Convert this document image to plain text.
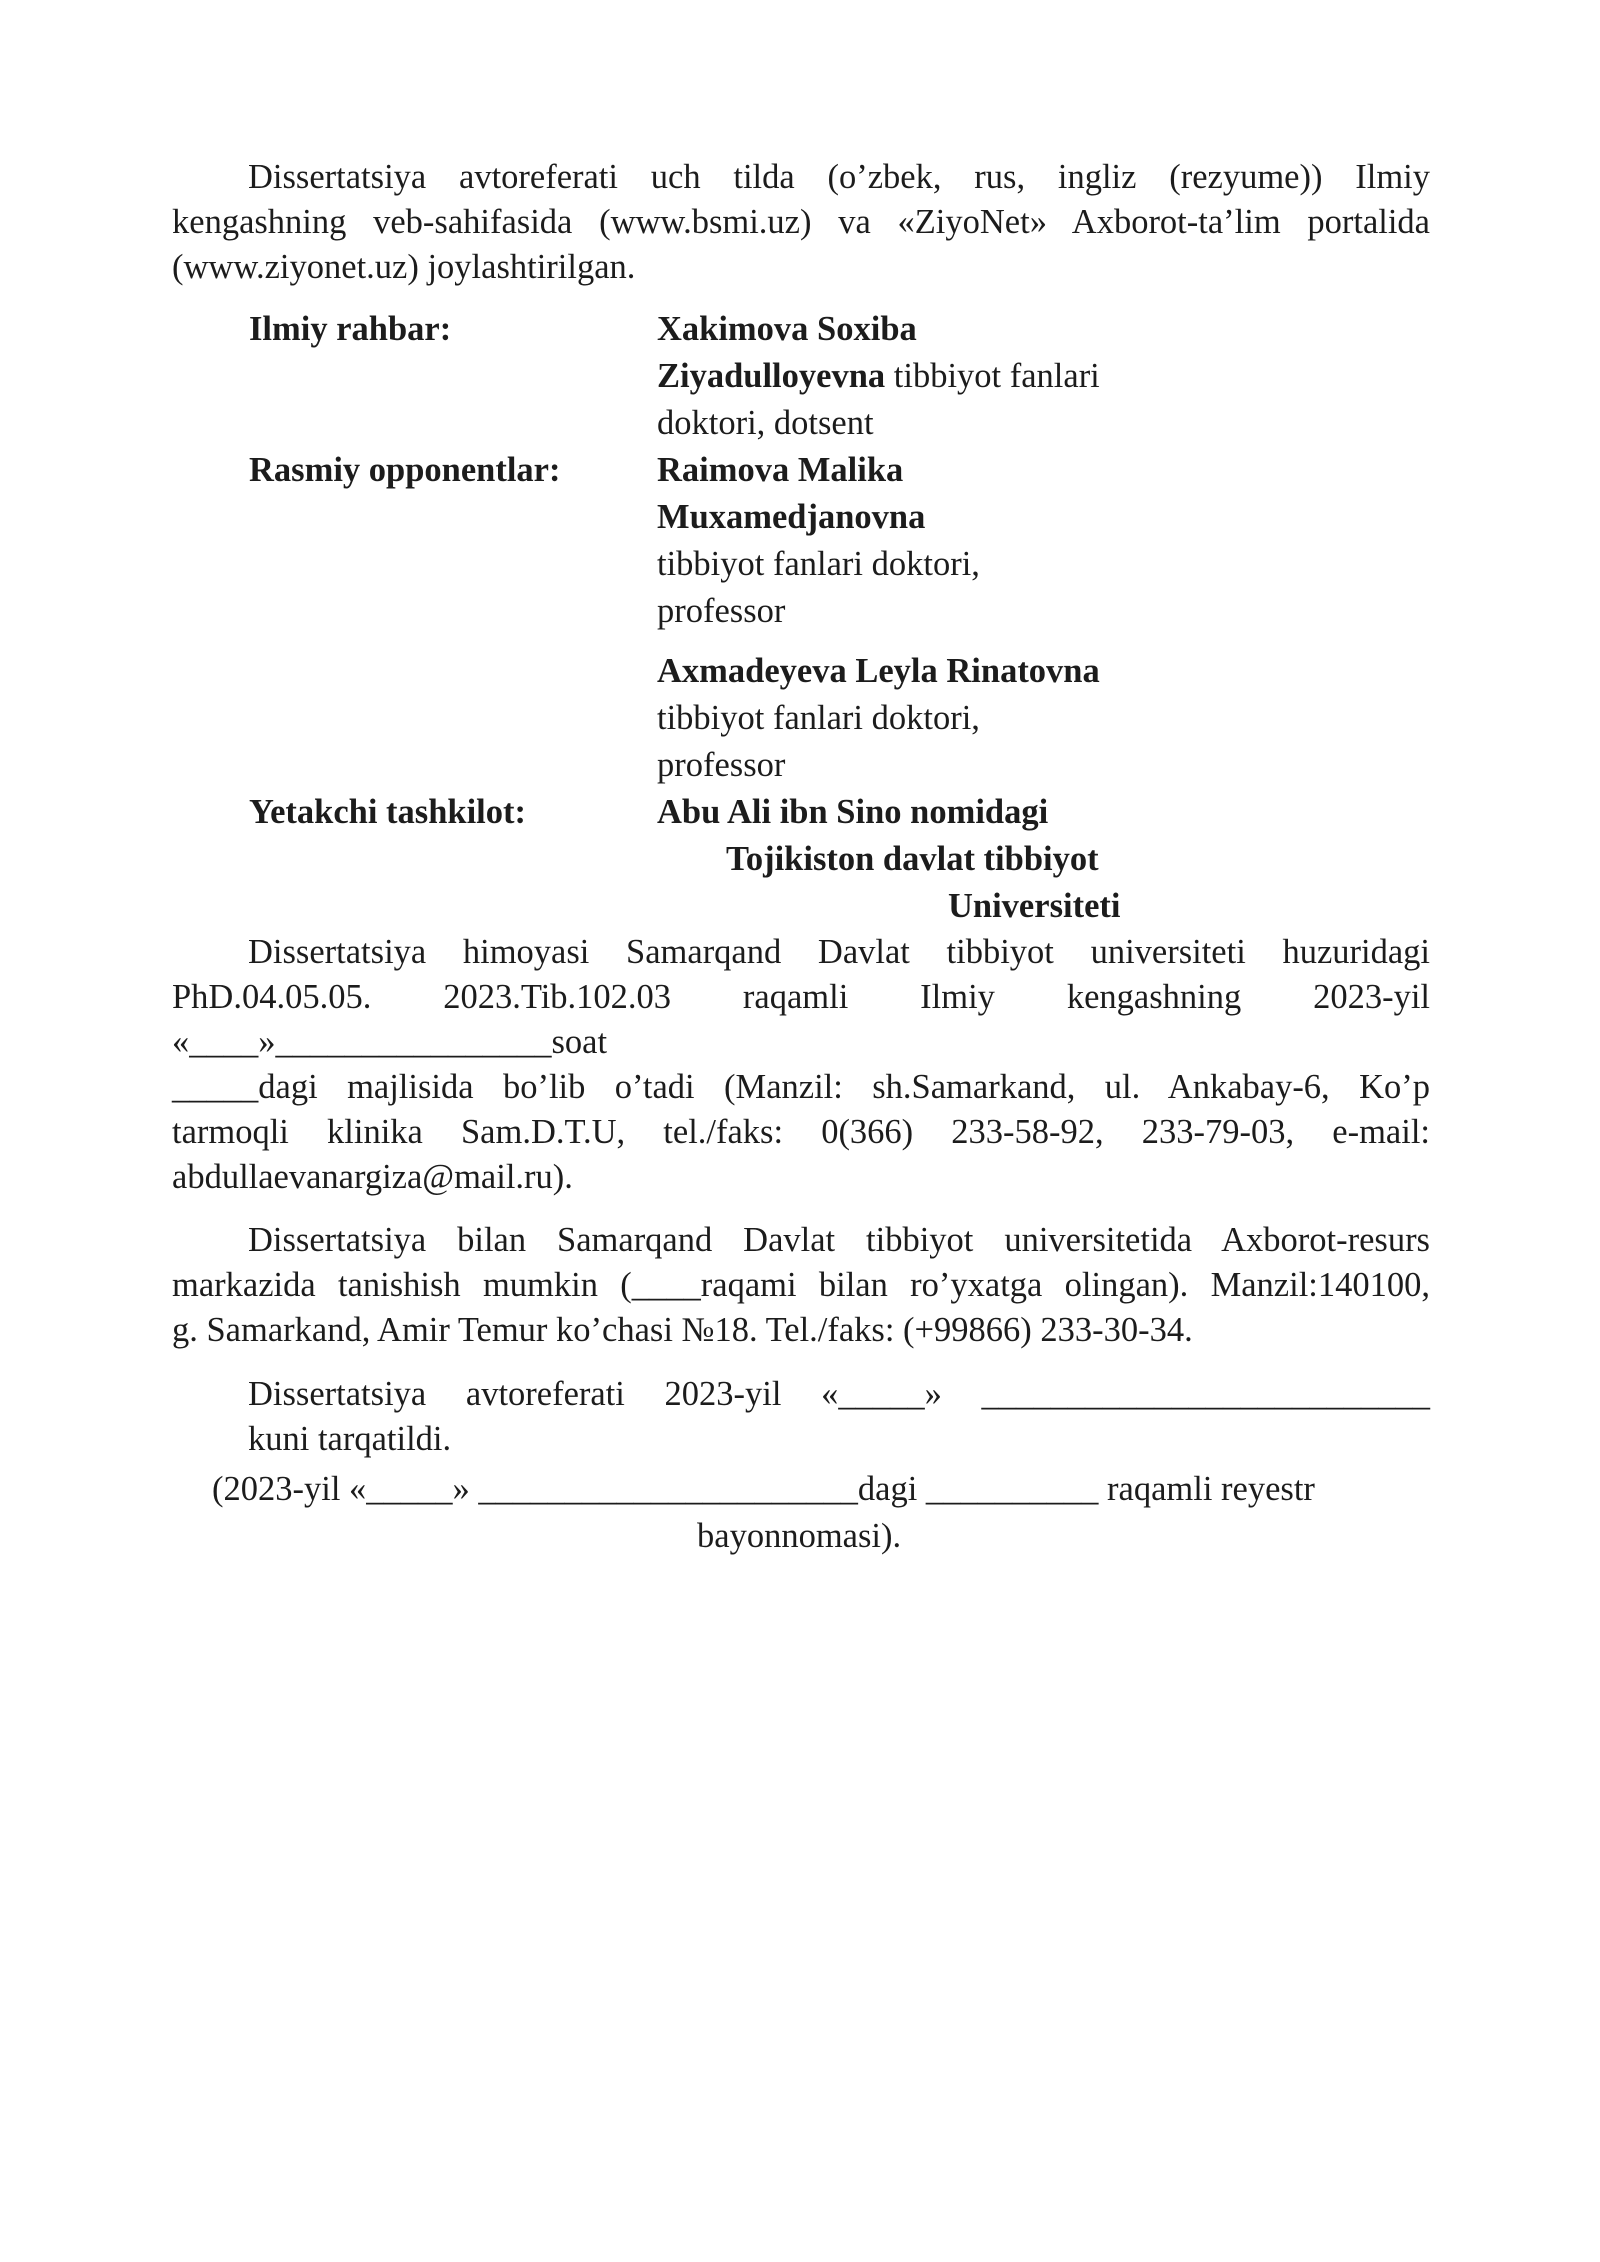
Dissertatsiya avtoreferati uch tilda (o’zbek, rus, ingliz (rezyume)) Ilmiy
kengashning veb-sahifasida (www.bsmi.uz) va «ZiyoNet» Axborot-ta’lim portalida
(www.ziyonet.uz) joylashtirilgan.
Ilmiy rahbar:	Xakimova Soxiba
Ziyadulloyevna tibbiyot fanlari
doktori, dotsent
Rasmiy opponentlar:	Raimova Malika
Muxamedjanovna
tibbiyot fanlari doktori,
professor
Axmadeyeva Leyla Rinatovna
tibbiyot fanlari doktori,
professor
Yetakchi tashkilot:	Abu Ali ibn Sino nomidagi
Tojikiston davlat tibbiyot
Universiteti
Dissertatsiya himoyasi Samarqand Davlat tibbiyot universiteti huzuridagi
PhD.04.05.05. 2023.Tib.102.03 raqamli Ilmiy kengashning 2023-yil
«____»________________soat
_____dagi majlisida bo’lib o’tadi (Manzil: sh.Samarkand, ul. Ankabay-6, Ko’p
tarmoqli klinika Sam.D.T.U, tel./faks: 0(366) 233-58-92, 233-79-03, e-mail:
abdullaevanargiza@mail.ru).
Dissertatsiya bilan Samarqand Davlat tibbiyot universitetida Axborot-resurs
markazida tanishish mumkin (____raqami bilan ro’yxatga olingan). Manzil:140100,
g. Samarkand, Amir Temur ko’chasi №18. Tel./faks: (+99866) 233-30-34.
Dissertatsiya avtoreferati 2023-yil «_____» __________________________
kuni tarqatildi.
(2023-yil «_____» ______________________dagi __________ raqamli reyestr
bayonnomasi).
